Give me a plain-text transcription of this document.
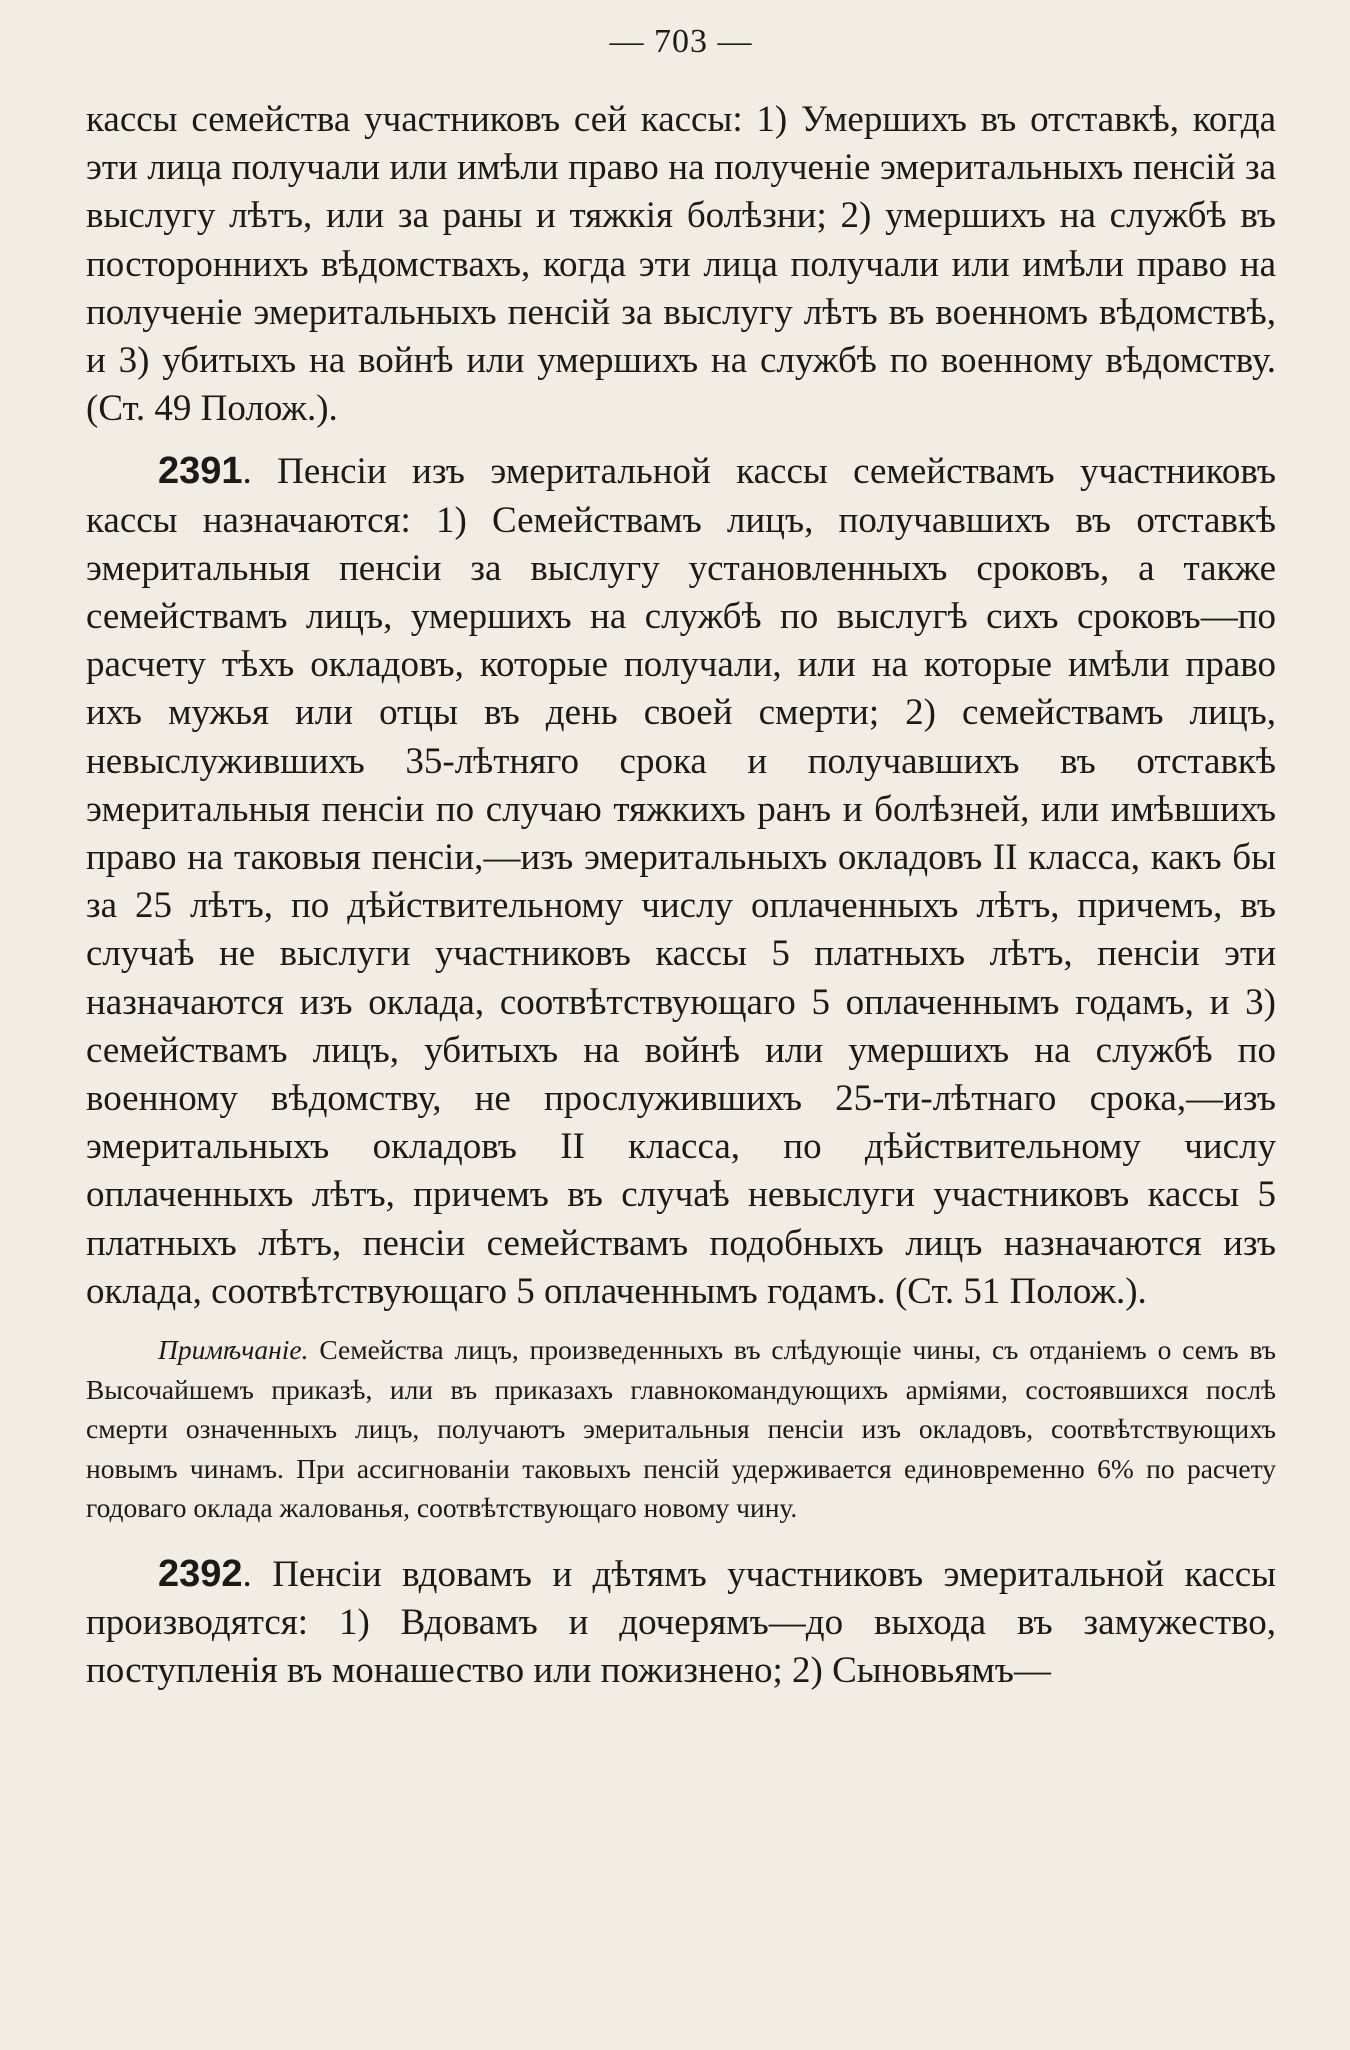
— 703 —

кассы семейства участниковъ сей кассы: 1) Умершихъ въ отставкѣ, когда эти лица получали или имѣли право на полученіе эмеритальныхъ пенсій за выслугу лѣтъ, или за раны и тяжкія болѣзни; 2) умершихъ на службѣ въ постороннихъ вѣдомствахъ, когда эти лица получали или имѣли право на полученіе эмеритальныхъ пенсій за выслугу лѣтъ въ военномъ вѣдомствѣ, и 3) убитыхъ на войнѣ или умершихъ на службѣ по военному вѣдомству. (Ст. 49 Полож.).

2391. Пенсіи изъ эмеритальной кассы семействамъ участниковъ кассы назначаются: 1) Семействамъ лицъ, получавшихъ въ отставкѣ эмеритальныя пенсіи за выслугу установленныхъ сроковъ, а также семействамъ лицъ, умершихъ на службѣ по выслугѣ сихъ сроковъ—по расчету тѣхъ окладовъ, которые получали, или на которые имѣли право ихъ мужья или отцы въ день своей смерти; 2) семействамъ лицъ, невыслужившихъ 35-лѣтняго срока и получавшихъ въ отставкѣ эмеритальныя пенсіи по случаю тяжкихъ ранъ и болѣзней, или имѣвшихъ право на таковыя пенсіи,—изъ эмеритальныхъ окладовъ II класса, какъ бы за 25 лѣтъ, по дѣйствительному числу оплаченныхъ лѣтъ, причемъ, въ случаѣ не выслуги участниковъ кассы 5 платныхъ лѣтъ, пенсіи эти назначаются изъ оклада, соотвѣтствующаго 5 оплаченнымъ годамъ, и 3) семействамъ лицъ, убитыхъ на войнѣ или умершихъ на службѣ по военному вѣдомству, не прослужившихъ 25-ти-лѣтнаго срока,—изъ эмеритальныхъ окладовъ II класса, по дѣйствительному числу оплаченныхъ лѣтъ, причемъ въ случаѣ невыслуги участниковъ кассы 5 платныхъ лѣтъ, пенсіи семействамъ подобныхъ лицъ назначаются изъ оклада, соотвѣтствующаго 5 оплаченнымъ годамъ. (Ст. 51 Полож.).

Примѣчаніе. Семейства лицъ, произведенныхъ въ слѣдующіе чины, съ отданіемъ о семъ въ Высочайшемъ приказѣ, или въ приказахъ главнокомандующихъ арміями, состоявшихся послѣ смерти означенныхъ лицъ, получаютъ эмеритальныя пенсіи изъ окладовъ, соотвѣтствующихъ новымъ чинамъ. При ассигнованіи таковыхъ пенсій удерживается единовременно 6% по расчету годоваго оклада жалованья, соотвѣтствующаго новому чину.

2392. Пенсіи вдовамъ и дѣтямъ участниковъ эмеритальной кассы производятся: 1) Вдовамъ и дочерямъ—до выхода въ замужество, поступленія въ монашество или пожизнено; 2) Сыновьямъ—
